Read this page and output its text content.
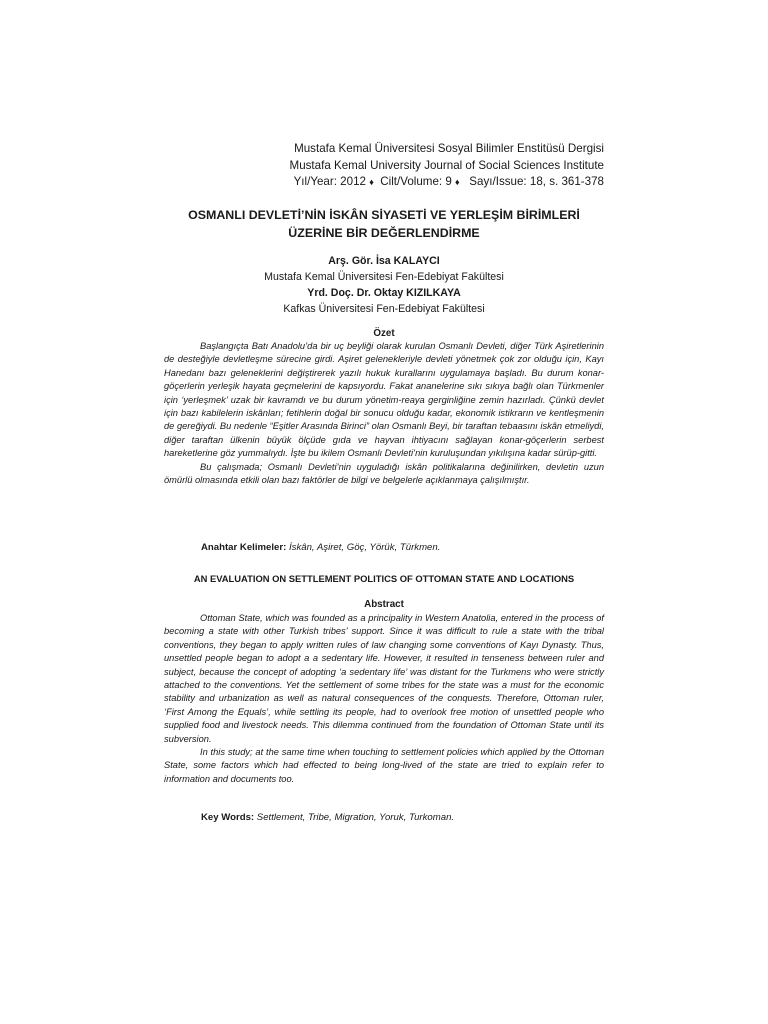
Mustafa Kemal Üniversitesi Sosyal Bilimler Enstitüsü Dergisi
Mustafa Kemal University Journal of Social Sciences Institute
Yıl/Year: 2012 ♦ Cilt/Volume: 9 ♦ Sayı/Issue: 18, s. 361-378
OSMANLI DEVLETİ’NİN İSKÂN SİYASETİ VE YERLEŞİM BİRİMLERİ
ÜZERİNE BİR DEĞERLENDİRME
Arş. Gör. İsa KALAYCI
Mustafa Kemal Üniversitesi Fen-Edebiyat Fakültesi
Yrd. Doç. Dr. Oktay KIZILKAYA
Kafkas Üniversitesi Fen-Edebiyat Fakültesi
Özet

Başlangıçta Batı Anadolu’da bir uç beyliği olarak kurulan Osmanlı Devleti, diğer Türk Aşiretlerinin de desteğiyle devletleşme sürecine girdi. Aşiret gelenekleriyle devleti yönetmek çok zor olduğu için, Kayı Hanedanı bazı geleneklerini değiştirerek yazılı hukuk kurallarını uygulamaya başladı. Bu durum konar-göçerlerin yerleşik hayata geçmelerini de kapsıyordu. Fakat ananelerine sıkı sıkıya bağlı olan Türkmenler için ‘yerleşmek’ uzak bir kavramdı ve bu durum yönetim-reaya gerginliğine zemin hazırladı. Çünkü devlet için bazı kabilelerin iskânları; fetihlerin doğal bir sonucu olduğu kadar, ekonomik istikrarın ve kentleşmenin de gereğiydi. Bu nedenle “Eşitler Arasında Birinci” olan Osmanlı Beyi, bir taraftan tebaasını iskân etmeliydi, diğer taraftan ülkenin büyük ölçüde gıda ve hayvan ihtiyacını sağlayan konar-göçerlerin serbest hareketlerine göz yummalıydı. İşte bu ikilem Osmanlı Devleti’nin kuruluşundan yıkılışına kadar sürüp-gitti.

Bu çalışmada; Osmanlı Devleti’nin uyguladığı iskân politikalarına değinilirken, devletin uzun ömürlü olmasında etkili olan bazı faktörler de bilgi ve belgelerle açıklanmaya çalışılmıştır.

Anahtar Kelimeler: İskân, Aşiret, Göç, Yörük, Türkmen.
AN EVALUATION ON SETTLEMENT POLITICS OF OTTOMAN STATE AND LOCATIONS
Abstract

Ottoman State, which was founded as a principality in Western Anatolia, entered in the process of becoming a state with other Turkish tribes’ support. Since it was difficult to rule a state with the tribal conventions, they began to apply written rules of law changing some conventions of Kayı Dynasty. Thus, unsettled people began to adopt a a sedentary life. However, it resulted in tenseness between ruler and subject, because the concept of adopting ‘a sedentary life’ was distant for the Turkmens who were strictly attached to the conventions. Yet the settlement of some tribes for the state was a must for the economic stability and urbanization as well as natural consequences of the conquests. Therefore, Ottoman ruler, ‘First Among the Equals’, while settling its people, had to overlook free motion of unsettled people who supplied food and livestock needs. This dilemma continued from the foundation of Ottoman State until its subversion.

In this study; at the same time when touching to settlement policies which applied by the Ottoman State, some factors which had effected to being long-lived of the state are tried to explain refer to information and documents too.

Key Words: Settlement, Tribe, Migration, Yoruk, Turkoman.
